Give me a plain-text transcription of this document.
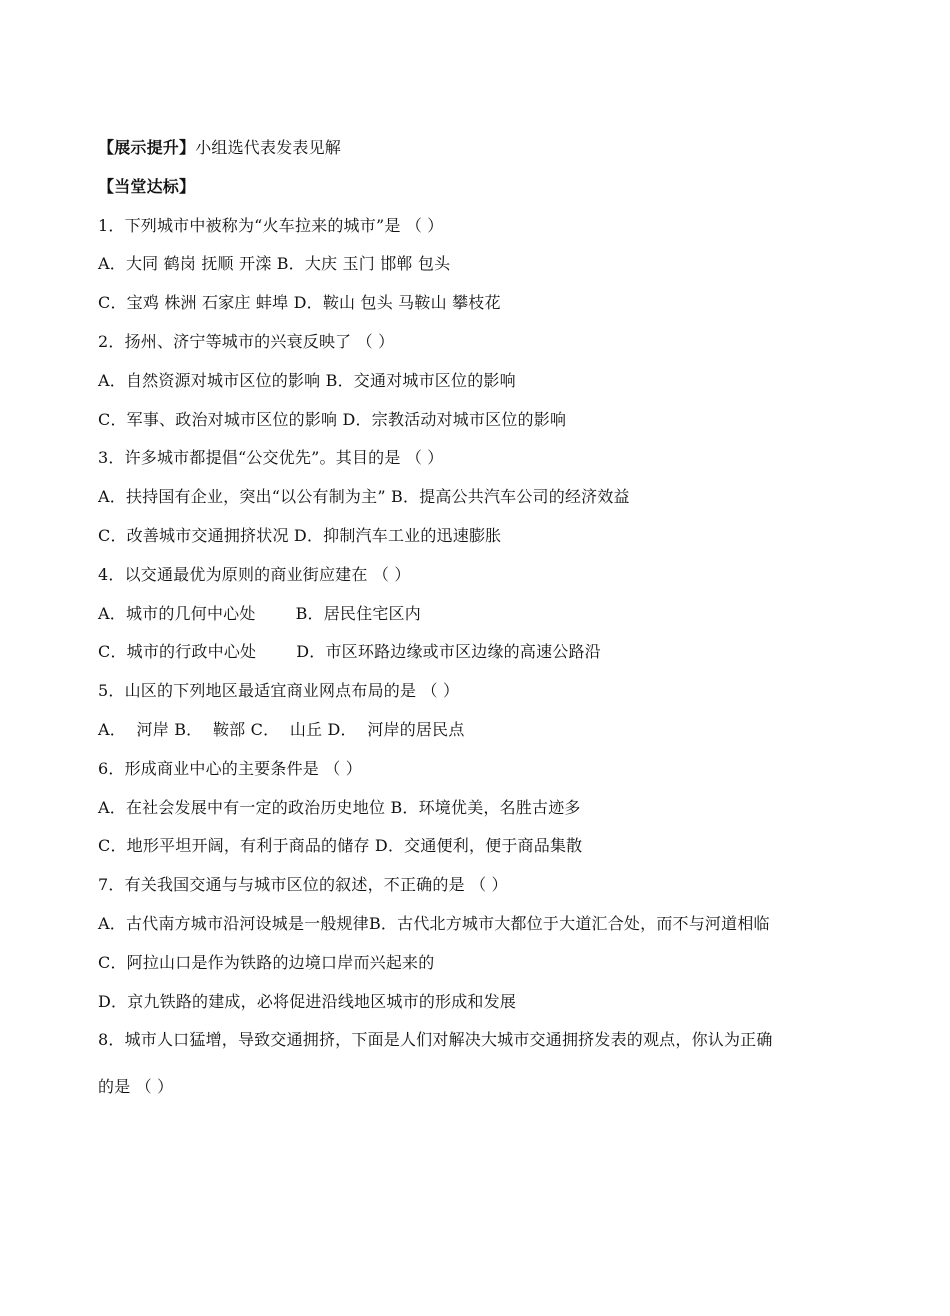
【展示提升】小组选代表发表见解
【当堂达标】
1．下列城市中被称为“火车拉来的城市”是 （ ）
A．大同 鹤岗 抚顺 开滦 B．大庆 玉门 邯郸 包头
C．宝鸡 株洲 石家庄 蚌埠 D．鞍山 包头 马鞍山 攀枝花
2．扬州、济宁等城市的兴衰反映了 （ ）
A．自然资源对城市区位的影响 B．交通对城市区位的影响
C．军事、政治对城市区位的影响 D．宗教活动对城市区位的影响
3．许多城市都提倡“公交优先”。其目的是 （ ）
A．扶持国有企业，突出“以公有制为主” B．提高公共汽车公司的经济效益
C．改善城市交通拥挤状况 D．抑制汽车工业的迅速膨胀
4．以交通最优为原则的商业街应建在 （ ）
A．城市的几何中心处	B．居民住宅区内
C．城市的行政中心处	D．市区环路边缘或市区边缘的高速公路沿
5．山区的下列地区最适宜商业网点布局的是 （ ）
A．  河岸 B．  鞍部 C．  山丘 D．  河岸的居民点
6．形成商业中心的主要条件是 （ ）
A．在社会发展中有一定的政治历史地位 B．环境优美，名胜古迹多
C．地形平坦开阔，有利于商品的储存 D．交通便利，便于商品集散
7．有关我国交通与与城市区位的叙述，不正确的是 （ ）
A．古代南方城市沿河设城是一般规律B．古代北方城市大都位于大道汇合处，而不与河道相临
C．阿拉山口是作为铁路的边境口岸而兴起来的
D．京九铁路的建成，必将促进沿线地区城市的形成和发展
8．城市人口猛增，导致交通拥挤，下面是人们对解决大城市交通拥挤发表的观点，你认为正确
的是 （ ）
